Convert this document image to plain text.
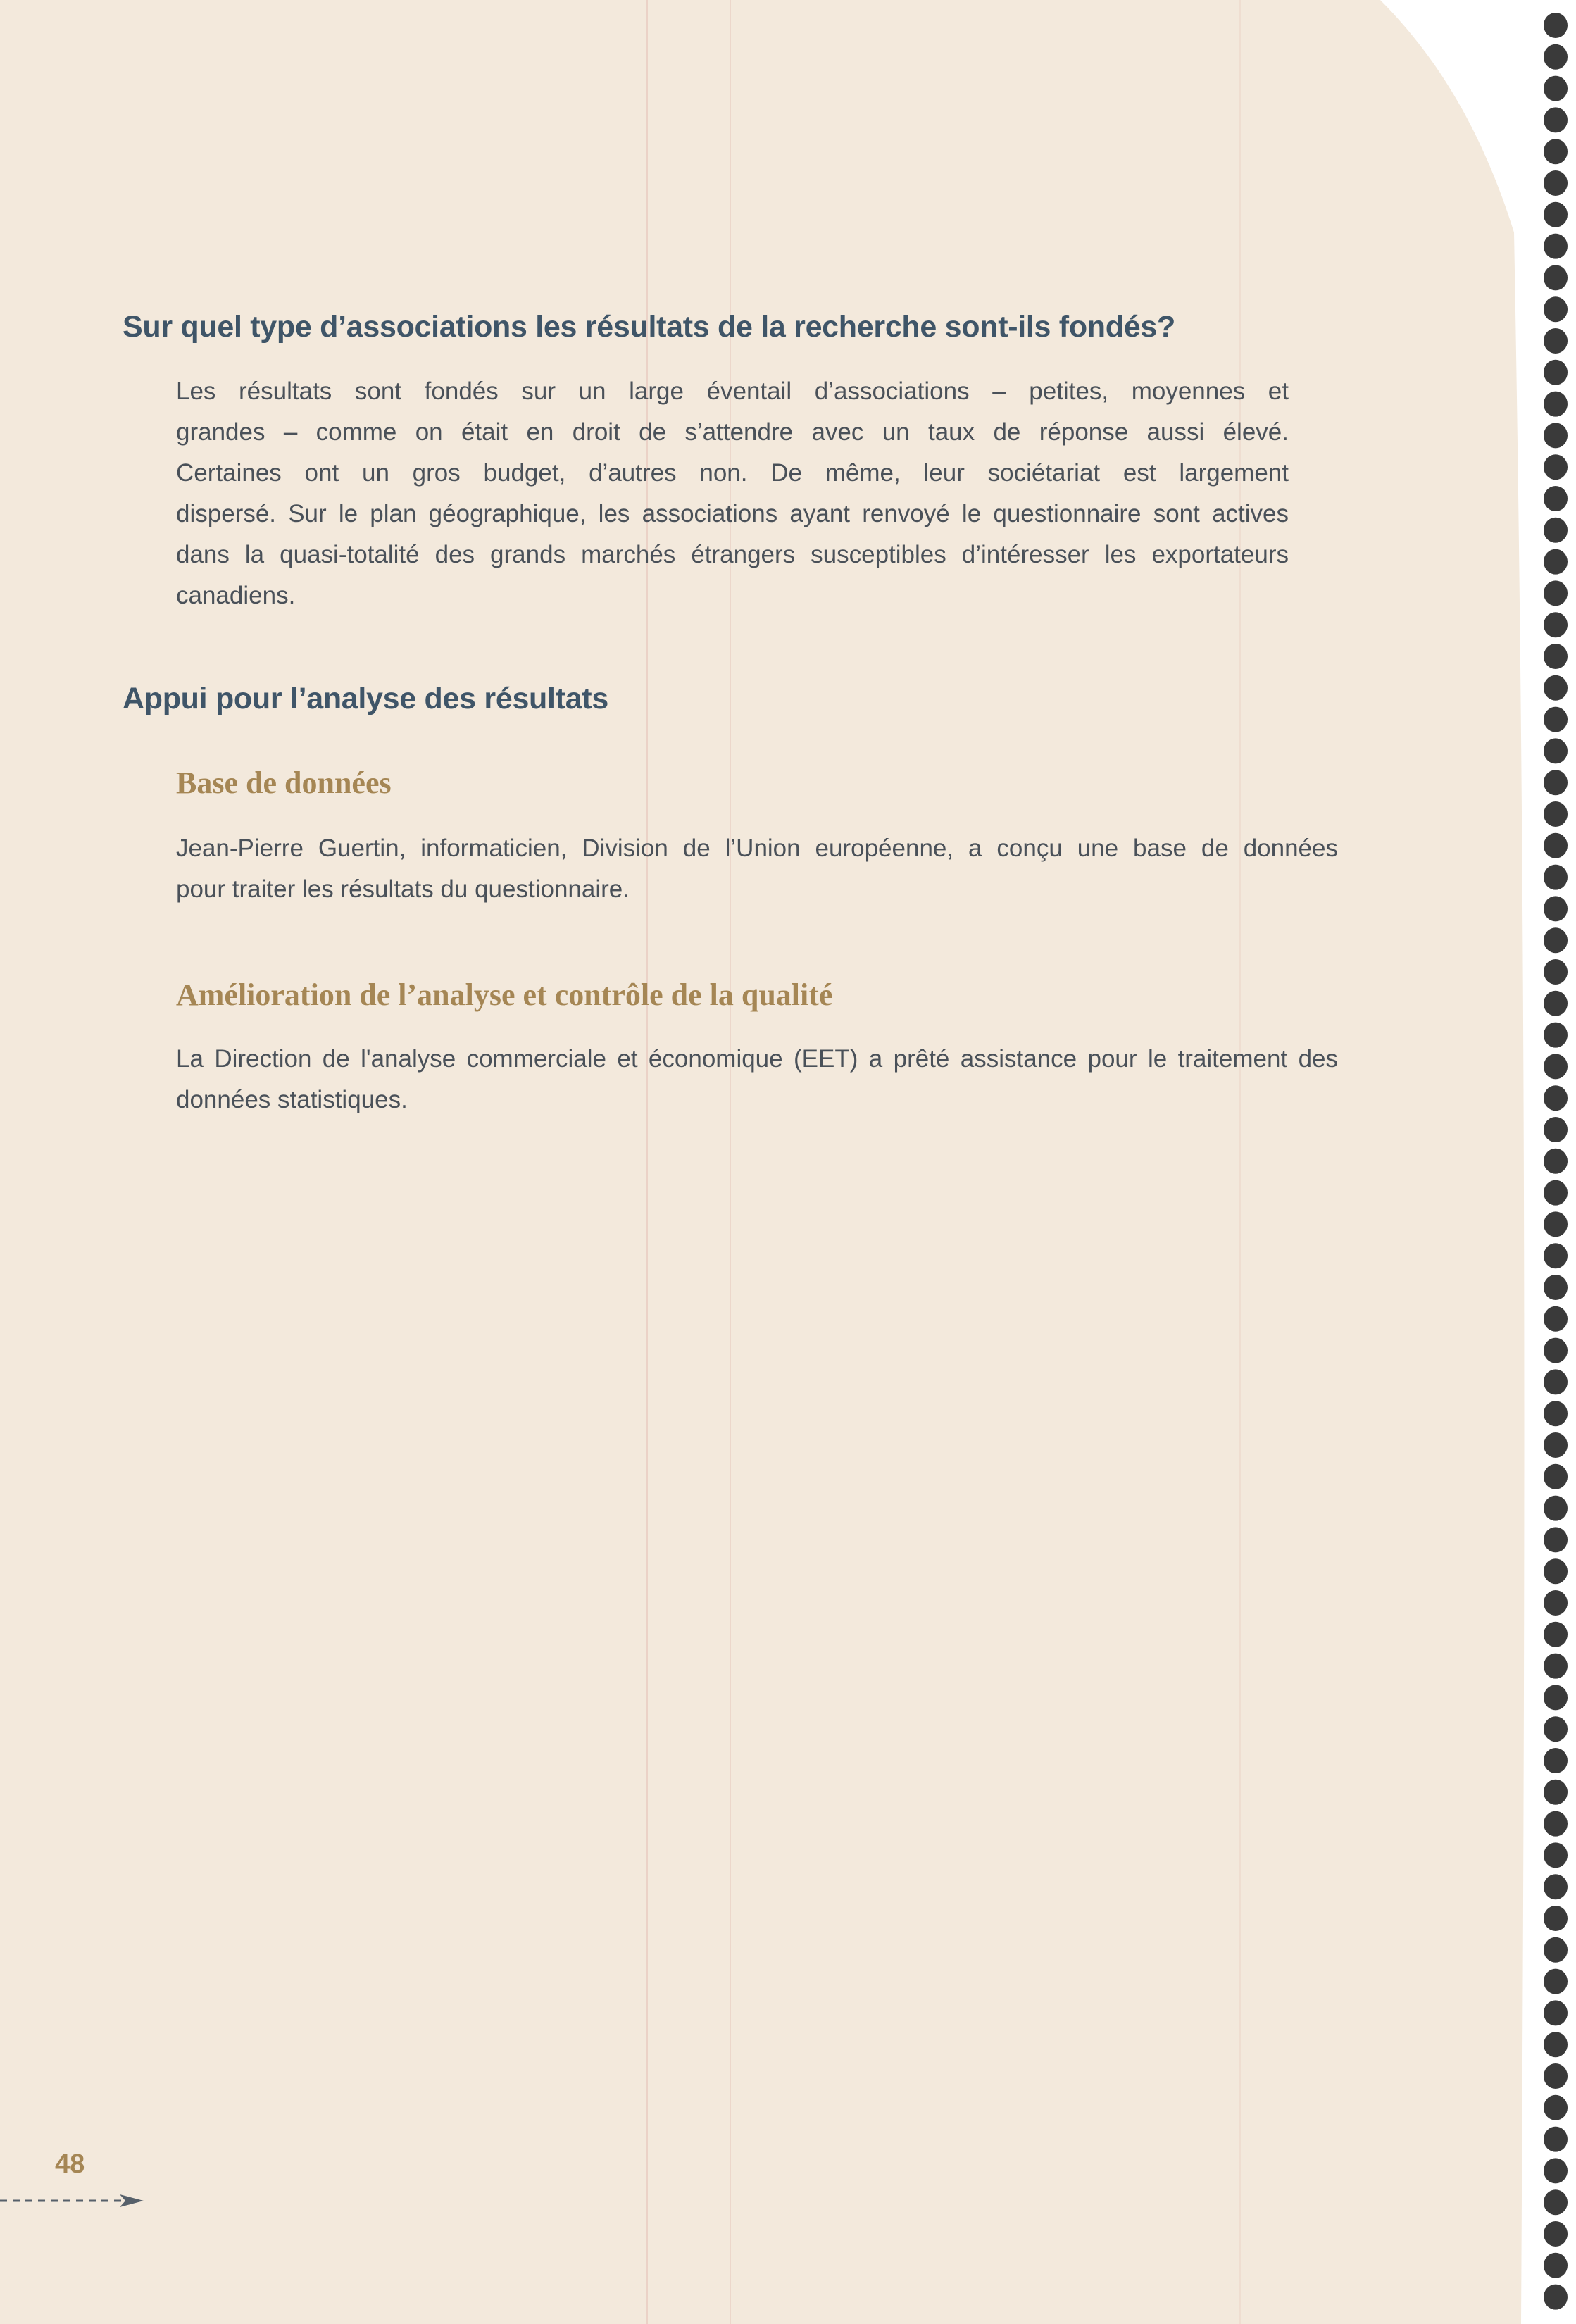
Sur quel type d’associations les résultats de la recherche sont-ils fondés?

Les résultats sont fondés sur un large éventail d’associations – petites, moyennes et
grandes – comme on était en droit de s’attendre avec un taux de réponse aussi élevé.
Certaines ont un gros budget, d’autres non. De même, leur sociétariat est largement
dispersé. Sur le plan géographique, les associations ayant renvoyé le questionnaire sont actives
dans la quasi-totalité des grands marchés étrangers susceptibles d’intéresser les exportateurs
canadiens.

Appui pour l’analyse des résultats
Base de données

Jean-Pierre Guertin, informaticien, Division de l’Union européenne, a conçu une base de données
pour traiter les résultats du questionnaire.

Amélioration de l’analyse et contrôle de la qualité

La Direction de l'analyse commerciale et économique (EET) a prêté assistance pour le traitement des
données statistiques.

48
